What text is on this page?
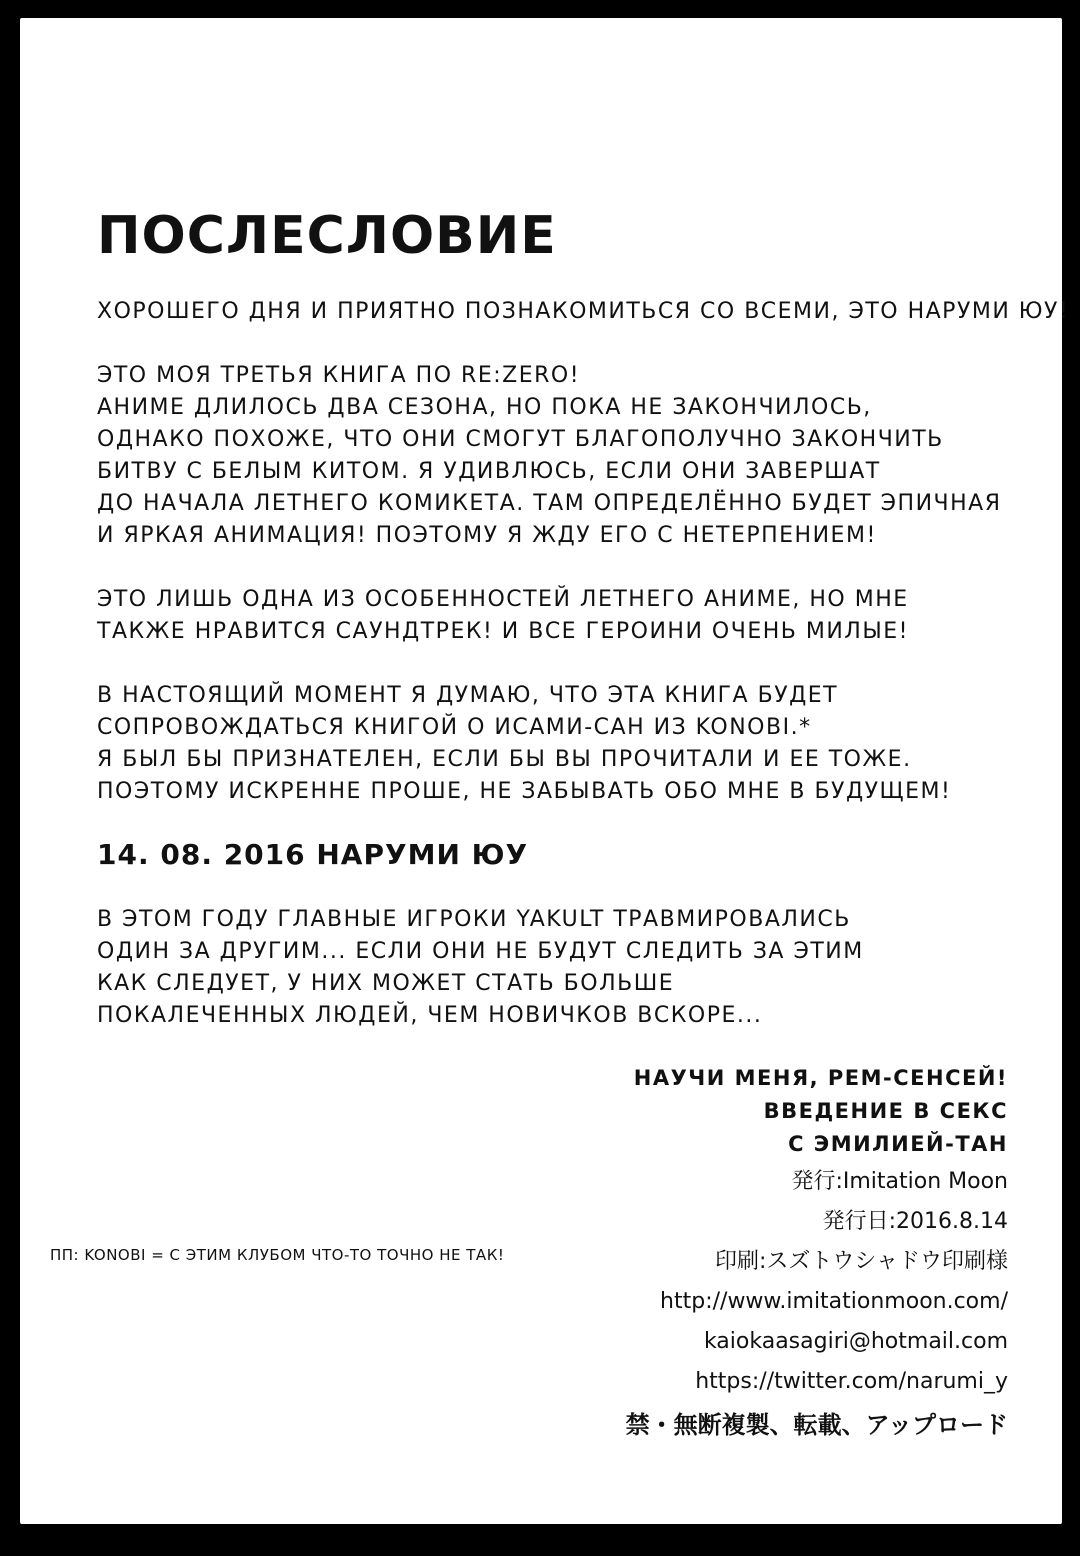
ПОСЛЕСЛОВИЕ
ХОРОШЕГО ДНЯ И ПРИЯТНО ПОЗНАКОМИТЬСЯ СО ВСЕМИ, ЭТО НАРУМИ ЮУ!
ЭТО МОЯ ТРЕТЬЯ КНИГА ПО RE:ZERO!
АНИМЕ ДЛИЛОСЬ ДВА СЕЗОНА, НО ПОКА НЕ ЗАКОНЧИЛОСЬ,
ОДНАКО ПОХОЖЕ, ЧТО ОНИ СМОГУТ БЛАГОПОЛУЧНО ЗАКОНЧИТЬ
БИТВУ С БЕЛЫМ КИТОМ. Я УДИВЛЮСЬ, ЕСЛИ ОНИ ЗАВЕРШАТ
ДО НАЧАЛА ЛЕТНЕГО КОМИКЕТА. ТАМ ОПРЕДЕЛЁННО БУДЕТ ЭПИЧНАЯ
И ЯРКАЯ АНИМАЦИЯ! ПОЭТОМУ Я ЖДУ ЕГО С НЕТЕРПЕНИЕМ!
ЭТО ЛИШЬ ОДНА ИЗ ОСОБЕННОСТЕЙ ЛЕТНЕГО АНИМЕ, НО МНЕ
ТАКЖЕ НРАВИТСЯ САУНДТРЕК! И ВСЕ ГЕРОИНИ ОЧЕНЬ МИЛЫЕ!
В НАСТОЯЩИЙ МОМЕНТ Я ДУМАЮ, ЧТО ЭТА КНИГА БУДЕТ
СОПРОВОЖДАТЬСЯ КНИГОЙ О ИСАМИ-САН ИЗ KONOBI.*
Я БЫЛ БЫ ПРИЗНАТЕЛЕН, ЕСЛИ БЫ ВЫ ПРОЧИТАЛИ И ЕЕ ТОЖЕ.
ПОЭТОМУ ИСКРЕННЕ ПРОШЕ, НЕ ЗАБЫВАТЬ ОБО МНЕ В БУДУЩЕМ!
14. 08. 2016 НАРУМИ ЮУ
В ЭТОМ ГОДУ ГЛАВНЫЕ ИГРОКИ YAKULT ТРАВМИРОВАЛИСЬ
ОДИН ЗА ДРУГИМ... ЕСЛИ ОНИ НЕ БУДУТ СЛЕДИТЬ ЗА ЭТИМ
КАК СЛЕДУЕТ, У НИХ МОЖЕТ СТАТЬ БОЛЬШЕ
ПОКАЛЕЧЕННЫХ ЛЮДЕЙ, ЧЕМ НОВИЧКОВ ВСКОРЕ...
НАУЧИ МЕНЯ, РЕМ-СЕНСЕЙ!
ВВЕДЕНИЕ В СЕКС
С ЭМИЛИЕЙ-ТАН
発行:Imitation Moon
発行日:2016.8.14
印刷:スズトウシャドウ印刷様
http://www.imitationmoon.com/
kaiokaasagiri@hotmail.com
https://twitter.com/narumi_y
禁・無断複製、転載、アップロード
ПП: KONOBI = С ЭТИМ КЛУБОМ ЧТО-ТО ТОЧНО НЕ ТАК!
